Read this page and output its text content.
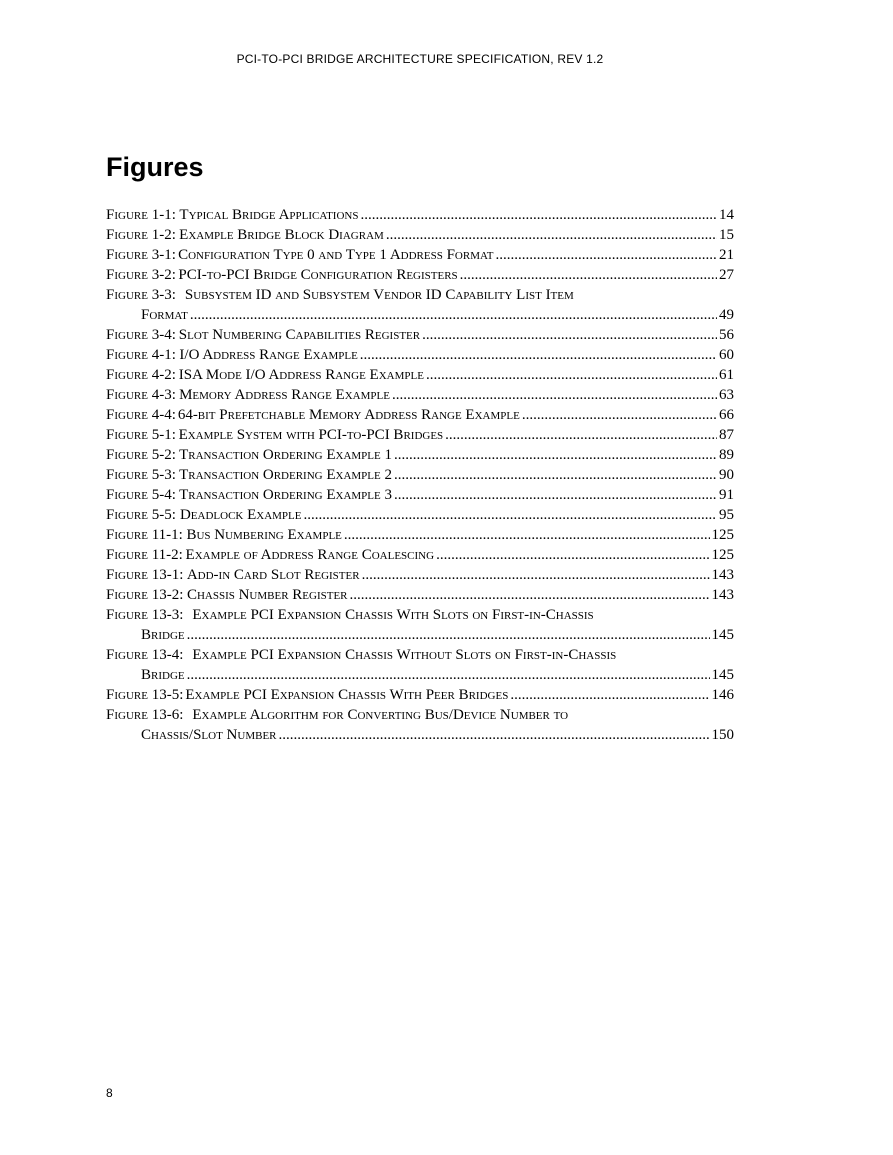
PCI-TO-PCI BRIDGE ARCHITECTURE SPECIFICATION, REV 1.2
Figures
Figure 1-1: Typical Bridge Applications .....	14
Figure 1-2: Example Bridge Block Diagram .....	15
Figure 3-1: Configuration Type 0 and Type 1 Address Format .....	21
Figure 3-2: PCI-to-PCI Bridge Configuration Registers .....	27
Figure 3-3: Subsystem ID and Subsystem Vendor ID Capability List Item
Format .....	49
Figure 3-4: Slot Numbering Capabilities Register .....	56
Figure 4-1: I/O Address Range Example .....	60
Figure 4-2: ISA Mode I/O Address Range Example .....	61
Figure 4-3: Memory Address Range Example .....	63
Figure 4-4: 64-bit Prefetchable Memory Address Range Example .....	66
Figure 5-1: Example System with PCI-to-PCI Bridges .....	87
Figure 5-2: Transaction Ordering Example 1 .....	89
Figure 5-3: Transaction Ordering Example 2 .....	90
Figure 5-4: Transaction Ordering Example 3 .....	91
Figure 5-5: Deadlock Example .....	95
Figure 11-1: Bus Numbering Example .....	125
Figure 11-2: Example of Address Range Coalescing .....	125
Figure 13-1: Add-in Card Slot Register .....	143
Figure 13-2: Chassis Number Register .....	143
Figure 13-3: Example PCI Expansion Chassis With Slots on First-in-Chassis
Bridge .....	145
Figure 13-4: Example PCI Expansion Chassis Without Slots on First-in-Chassis
Bridge .....	145
Figure 13-5: Example PCI Expansion Chassis With Peer Bridges .....	146
Figure 13-6: Example Algorithm for Converting Bus/Device Number to
Chassis/Slot Number .....	150
8
